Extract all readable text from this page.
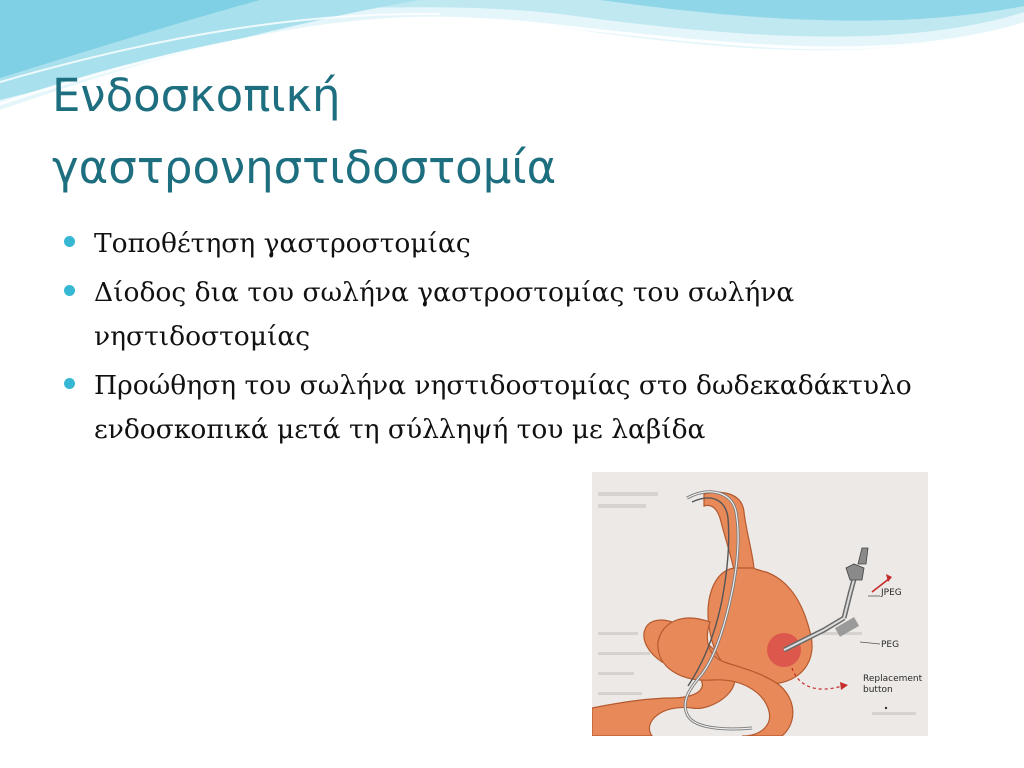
Ενδοσκοπική
γαστρονηστιδοστομία
Τοποθέτηση γαστροστομίας
Δίοδος δια του σωλήνα γαστροστομίας του σωλήνα νηστιδοστομίας
Προώθηση του σωλήνα νηστιδοστομίας στο δωδεκαδάκτυλο ενδοσκοπικά μετά τη σύλληψή του με λαβίδα
JPEG
PEG
Replacement
button
